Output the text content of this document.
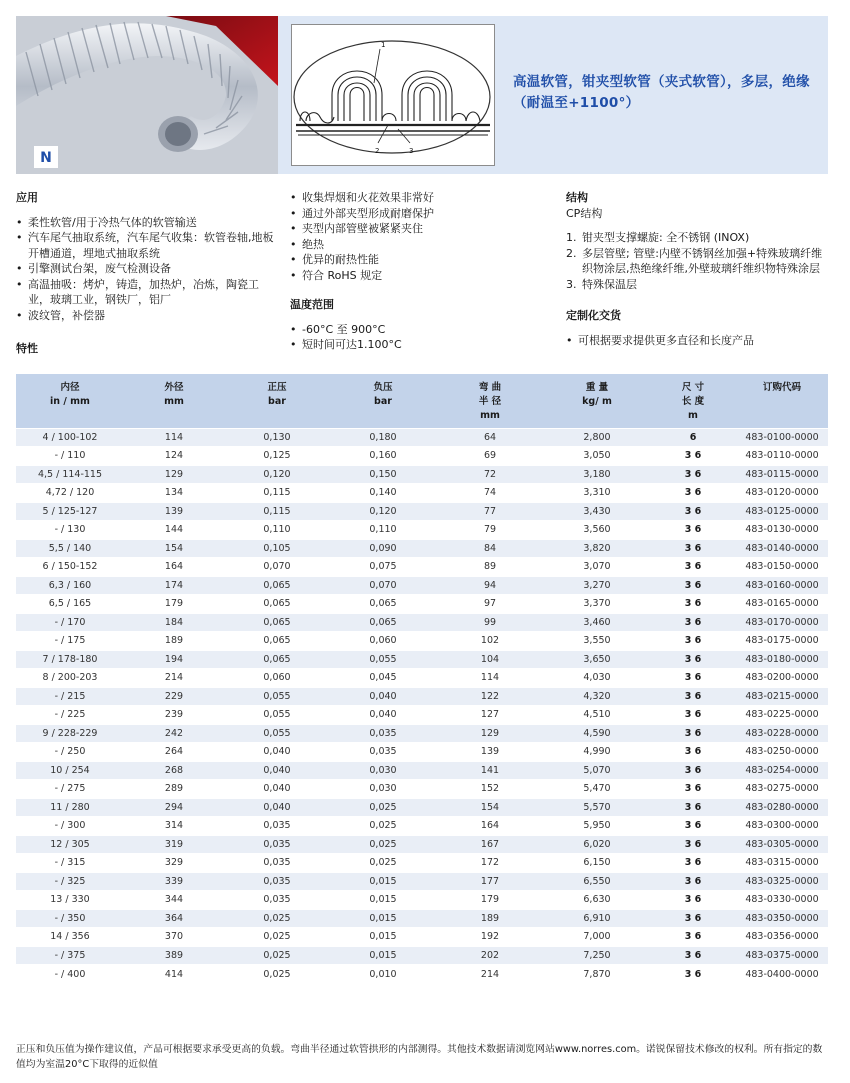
N
1
2	3
高温软管，钳夹型软管（夹式软管），多层，绝缘（耐温至+1100°）
应用
• 柔性软管/用于冷热气体的软管输送
• 汽车尾气抽取系统，汽车尾气收集：软管卷轴,地板开槽通道，埋地式抽取系统
• 引擎测试台架，废气检测设备
• 高温抽吸：烤炉，铸造，加热炉，冶炼，陶瓷工业，玻璃工业，钢铁厂，铝厂
• 波纹管，补偿器
特性
• 收集焊烟和火花效果非常好
• 通过外部夹型形成耐磨保护
• 夹型内部管壁被紧紧夹住
• 绝热
• 优异的耐热性能
• 符合 RoHS 规定
温度范围
• -60°C 至 900°C
• 短时间可达1.100°C
结构
CP结构
1. 钳夹型支撑螺旋: 全不锈钢 (INOX)
2. 多层管壁; 管壁:内壁不锈钢丝加强+特殊玻璃纤维织物涂层,热绝缘纤维,外壁玻璃纤维织物特殊涂层
3. 特殊保温层
定制化交货
• 可根据要求提供更多直径和长度产品
内径
in / mm	外径
mm	正压
bar	负压
bar	弯 曲
半 径
mm	重 量
kg/ m	尺 寸
长 度
m	订购代码
4 / 100-102	114	0,130	0,180	64	2,800	6	483-0100-0000
- / 110	124	0,125	0,160	69	3,050	3 6	483-0110-0000
4,5 / 114-115	129	0,120	0,150	72	3,180	3 6	483-0115-0000
4,72 / 120	134	0,115	0,140	74	3,310	3 6	483-0120-0000
5 / 125-127	139	0,115	0,120	77	3,430	3 6	483-0125-0000
- / 130	144	0,110	0,110	79	3,560	3 6	483-0130-0000
5,5 / 140	154	0,105	0,090	84	3,820	3 6	483-0140-0000
6 / 150-152	164	0,070	0,075	89	3,070	3 6	483-0150-0000
6,3 / 160	174	0,065	0,070	94	3,270	3 6	483-0160-0000
6,5 / 165	179	0,065	0,065	97	3,370	3 6	483-0165-0000
- / 170	184	0,065	0,065	99	3,460	3 6	483-0170-0000
- / 175	189	0,065	0,060	102	3,550	3 6	483-0175-0000
7 / 178-180	194	0,065	0,055	104	3,650	3 6	483-0180-0000
8 / 200-203	214	0,060	0,045	114	4,030	3 6	483-0200-0000
- / 215	229	0,055	0,040	122	4,320	3 6	483-0215-0000
- / 225	239	0,055	0,040	127	4,510	3 6	483-0225-0000
9 / 228-229	242	0,055	0,035	129	4,590	3 6	483-0228-0000
- / 250	264	0,040	0,035	139	4,990	3 6	483-0250-0000
10 / 254	268	0,040	0,030	141	5,070	3 6	483-0254-0000
- / 275	289	0,040	0,030	152	5,470	3 6	483-0275-0000
11 / 280	294	0,040	0,025	154	5,570	3 6	483-0280-0000
- / 300	314	0,035	0,025	164	5,950	3 6	483-0300-0000
12 / 305	319	0,035	0,025	167	6,020	3 6	483-0305-0000
- / 315	329	0,035	0,025	172	6,150	3 6	483-0315-0000
- / 325	339	0,035	0,015	177	6,550	3 6	483-0325-0000
13 / 330	344	0,035	0,015	179	6,630	3 6	483-0330-0000
- / 350	364	0,025	0,015	189	6,910	3 6	483-0350-0000
14 / 356	370	0,025	0,015	192	7,000	3 6	483-0356-0000
- / 375	389	0,025	0,015	202	7,250	3 6	483-0375-0000
- / 400	414	0,025	0,010	214	7,870	3 6	483-0400-0000
正压和负压值为操作建议值，产品可根据要求承受更高的负载。弯曲半径通过软管拱形的内部测得。其他技术数据请浏览网站www.norres.com。诺锐保留技术修改的权利。所有指定的数值均为室温20°C下取得的近似值
